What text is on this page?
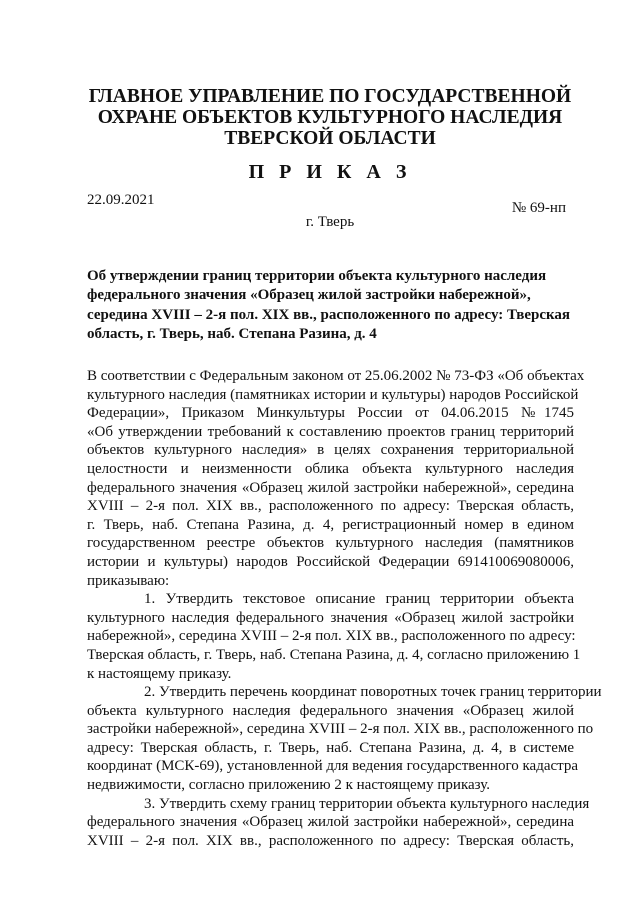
ГЛАВНОЕ УПРАВЛЕНИЕ ПО ГОСУДАРСТВЕННОЙ
ОХРАНЕ ОБЪЕКТОВ КУЛЬТУРНОГО НАСЛЕДИЯ
ТВЕРСКОЙ ОБЛАСТИ
П Р И К А З
22.09.2021	№ 69-нп
г. Тверь
Об утверждении границ территории объекта культурного наследия
федерального значения «Образец жилой застройки набережной»,
середина XVIII – 2-я пол. XIX вв., расположенного по адресу: Тверская
область, г. Тверь, наб. Степана Разина, д. 4
В соответствии с Федеральным законом от 25.06.2002 № 73-ФЗ «Об объектах
культурного наследия (памятниках истории и культуры) народов Российской
Федерации», Приказом Минкультуры России от 04.06.2015 №1745
«Об утверждении требований к составлению проектов границ территорий
объектов культурного наследия» в целях сохранения территориальной
целостности и неизменности облика объекта культурного наследия
федерального значения «Образец жилой застройки набережной», середина
XVIII – 2-я пол. XIX вв., расположенного по адресу: Тверская область,
г. Тверь, наб. Степана Разина, д. 4, регистрационный номер в едином
государственном реестре объектов культурного наследия (памятников
истории и культуры) народов Российской Федерации 691410069080006,
приказываю:
1. Утвердить текстовое описание границ территории объекта
культурного наследия федерального значения «Образец жилой застройки
набережной», середина XVIII – 2-я пол. XIX вв., расположенного по адресу:
Тверская область, г. Тверь, наб. Степана Разина, д. 4, согласно приложению 1
к настоящему приказу.
2. Утвердить перечень координат поворотных точек границ территории
объекта культурного наследия федерального значения «Образец жилой
застройки набережной», середина XVIII – 2-я пол. XIX вв., расположенного по
адресу: Тверская область, г. Тверь, наб. Степана Разина, д. 4, в системе
координат (МСК-69), установленной для ведения государственного кадастра
недвижимости, согласно приложению 2 к настоящему приказу.
3. Утвердить схему границ территории объекта культурного наследия
федерального значения «Образец жилой застройки набережной», середина
XVIII – 2-я пол. XIX вв., расположенного по адресу: Тверская область,
